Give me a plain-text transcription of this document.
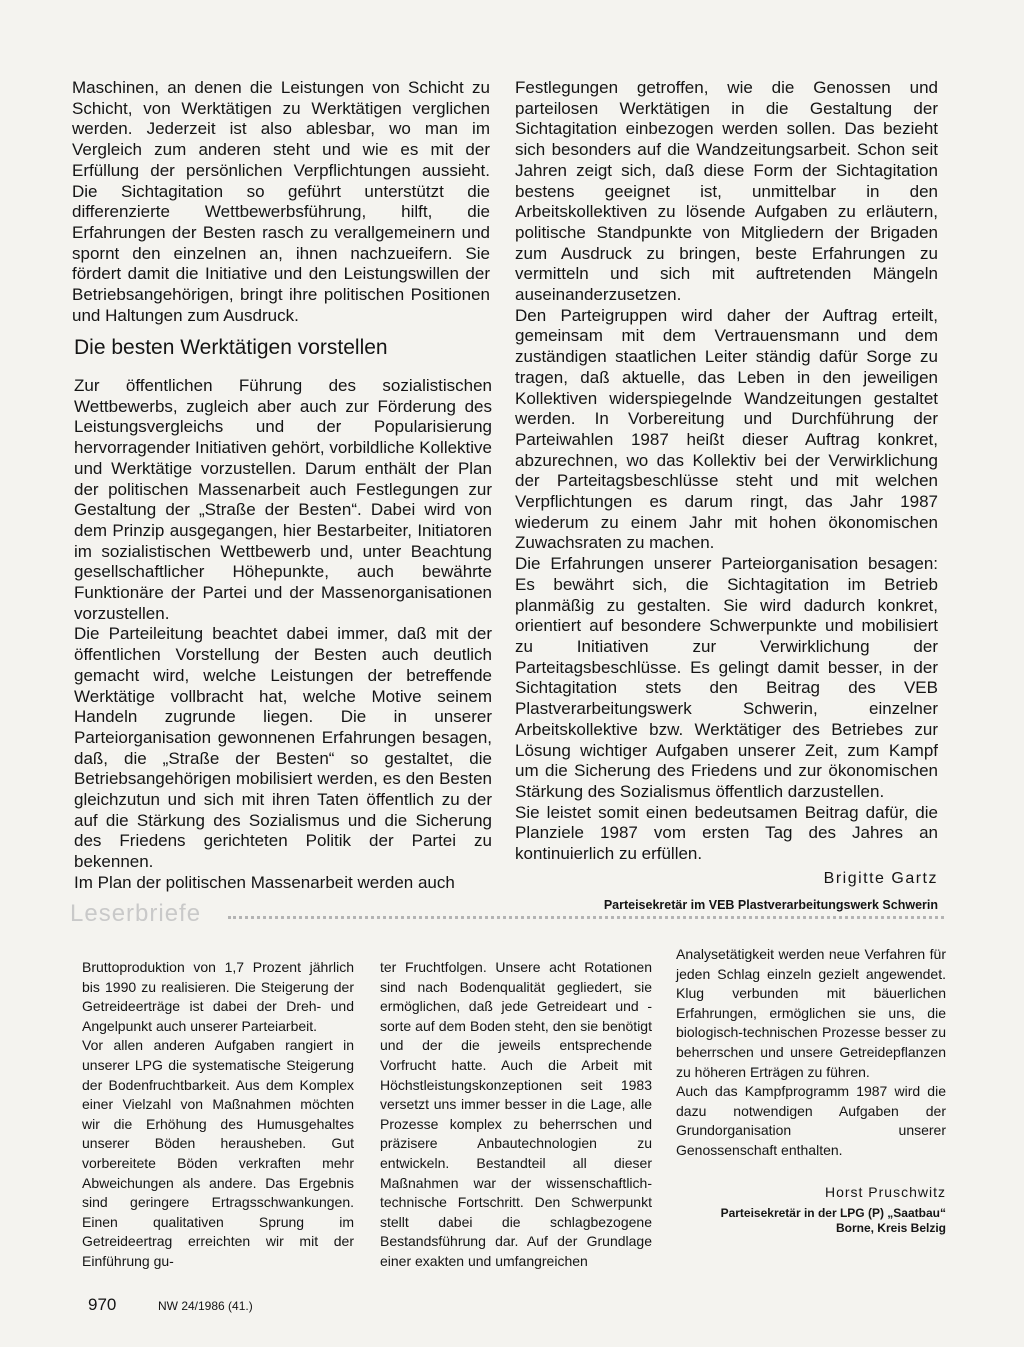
Maschinen, an denen die Leistungen von Schicht zu Schicht, von Werktätigen zu Werktätigen verglichen werden. Jederzeit ist also ablesbar, wo man im Vergleich zum anderen steht und wie es mit der Erfüllung der persönlichen Verpflichtungen aussieht. Die Sichtagitation so geführt unterstützt die differenzierte Wettbewerbsführung, hilft, die Erfahrungen der Besten rasch zu verallgemeinern und spornt den einzelnen an, ihnen nachzueifern. Sie fördert damit die Initiative und den Leistungswillen der Betriebsangehörigen, bringt ihre politischen Positionen und Haltungen zum Ausdruck.

Die besten Werktätigen vorstellen

Zur öffentlichen Führung des sozialistischen Wettbewerbs, zugleich aber auch zur Förderung des Leistungsvergleichs und der Popularisierung hervorragender Initiativen gehört, vorbildliche Kollektive und Werktätige vorzustellen. Darum enthält der Plan der politischen Massenarbeit auch Festlegungen zur Gestaltung der „Straße der Besten“. Dabei wird von dem Prinzip ausgegangen, hier Bestarbeiter, Initiatoren im sozialistischen Wettbewerb und, unter Beachtung gesellschaftlicher Höhepunkte, auch bewährte Funktionäre der Partei und der Massenorganisationen vorzustellen.

Die Parteileitung beachtet dabei immer, daß mit der öffentlichen Vorstellung der Besten auch deutlich gemacht wird, welche Leistungen der betreffende Werktätige vollbracht hat, welche Motive seinem Handeln zugrunde liegen. Die in unserer Parteiorganisation gewonnenen Erfahrungen besagen, daß, die „Straße der Besten“ so gestaltet, die Betriebsangehörigen mobilisiert werden, es den Besten gleichzutun und sich mit ihren Taten öffentlich zu der auf die Stärkung des Sozialismus und die Sicherung des Friedens gerichteten Politik der Partei zu bekennen.

Im Plan der politischen Massenarbeit werden auch

Festlegungen getroffen, wie die Genossen und parteilosen Werktätigen in die Gestaltung der Sichtagitation einbezogen werden sollen. Das bezieht sich besonders auf die Wandzeitungsarbeit. Schon seit Jahren zeigt sich, daß diese Form der Sichtagitation bestens geeignet ist, unmittelbar in den Arbeitskollektiven zu lösende Aufgaben zu erläutern, politische Standpunkte von Mitgliedern der Brigaden zum Ausdruck zu bringen, beste Erfahrungen zu vermitteln und sich mit auftretenden Mängeln auseinanderzusetzen.

Den Parteigruppen wird daher der Auftrag erteilt, gemeinsam mit dem Vertrauensmann und dem zuständigen staatlichen Leiter ständig dafür Sorge zu tragen, daß aktuelle, das Leben in den jeweiligen Kollektiven widerspiegelnde Wandzeitungen gestaltet werden. In Vorbereitung und Durchführung der Parteiwahlen 1987 heißt dieser Auftrag konkret, abzurechnen, wo das Kollektiv bei der Verwirklichung der Parteitagsbeschlüsse steht und mit welchen Verpflichtungen es darum ringt, das Jahr 1987 wiederum zu einem Jahr mit hohen ökonomischen Zuwachsraten zu machen.

Die Erfahrungen unserer Parteiorganisation besagen: Es bewährt sich, die Sichtagitation im Betrieb planmäßig zu gestalten. Sie wird dadurch konkret, orientiert auf besondere Schwerpunkte und mobilisiert zu Initiativen zur Verwirklichung der Parteitagsbeschlüsse. Es gelingt damit besser, in der Sichtagitation stets den Beitrag des VEB Plastverarbeitungswerk Schwerin, einzelner Arbeitskollektive bzw. Werktätiger des Betriebes zur Lösung wichtiger Aufgaben unserer Zeit, zum Kampf um die Sicherung des Friedens und zur ökonomischen Stärkung des Sozialismus öffentlich darzustellen.

Sie leistet somit einen bedeutsamen Beitrag dafür, die Planziele 1987 vom ersten Tag des Jahres an kontinuierlich zu erfüllen.

Brigitte Gartz
Parteisekretär im VEB Plastverarbeitungswerk Schwerin
Leserbriefe

Bruttoproduktion von 1,7 Prozent jährlich bis 1990 zu realisieren. Die Steigerung der Getreideerträge ist dabei der Dreh- und Angelpunkt auch unserer Parteiarbeit.

Vor allen anderen Aufgaben rangiert in unserer LPG die systematische Steigerung der Bodenfruchtbarkeit. Aus dem Komplex einer Vielzahl von Maßnahmen möchten wir die Erhöhung des Humusgehaltes unserer Böden herausheben. Gut vorbereitete Böden verkraften mehr Abweichungen als andere. Das Ergebnis sind geringere Ertragsschwankungen. Einen qualitativen Sprung im Getreideertrag erreichten wir mit der Einführung gu-

ter Fruchtfolgen. Unsere acht Rotationen sind nach Bodenqualität gegliedert, sie ermöglichen, daß jede Getreideart und -sorte auf dem Boden steht, den sie benötigt und der die jeweils entsprechende Vorfrucht hatte. Auch die Arbeit mit Höchstleistungskonzeptionen seit 1983 versetzt uns immer besser in die Lage, alle Prozesse komplex zu beherrschen und präzisere Anbautechnologien zu entwickeln. Bestandteil all dieser Maßnahmen war der wissenschaftlich-technische Fortschritt. Den Schwerpunkt stellt dabei die schlagbezogene Bestandsführung dar. Auf der Grundlage einer exakten und umfangreichen

Analysetätigkeit werden neue Verfahren für jeden Schlag einzeln gezielt angewendet. Klug verbunden mit bäuerlichen Erfahrungen, ermöglichen sie uns, die biologisch-technischen Prozesse besser zu beherrschen und unsere Getreidepflanzen zu höheren Erträgen zu führen.

Auch das Kampfprogramm 1987 wird die dazu notwendigen Aufgaben der Grundorganisation unserer Genossenschaft enthalten.

Horst Pruschwitz
Parteisekretär in der LPG (P) „Saatbau“
Borne, Kreis Belzig
970	NW 24/1986 (41.)
